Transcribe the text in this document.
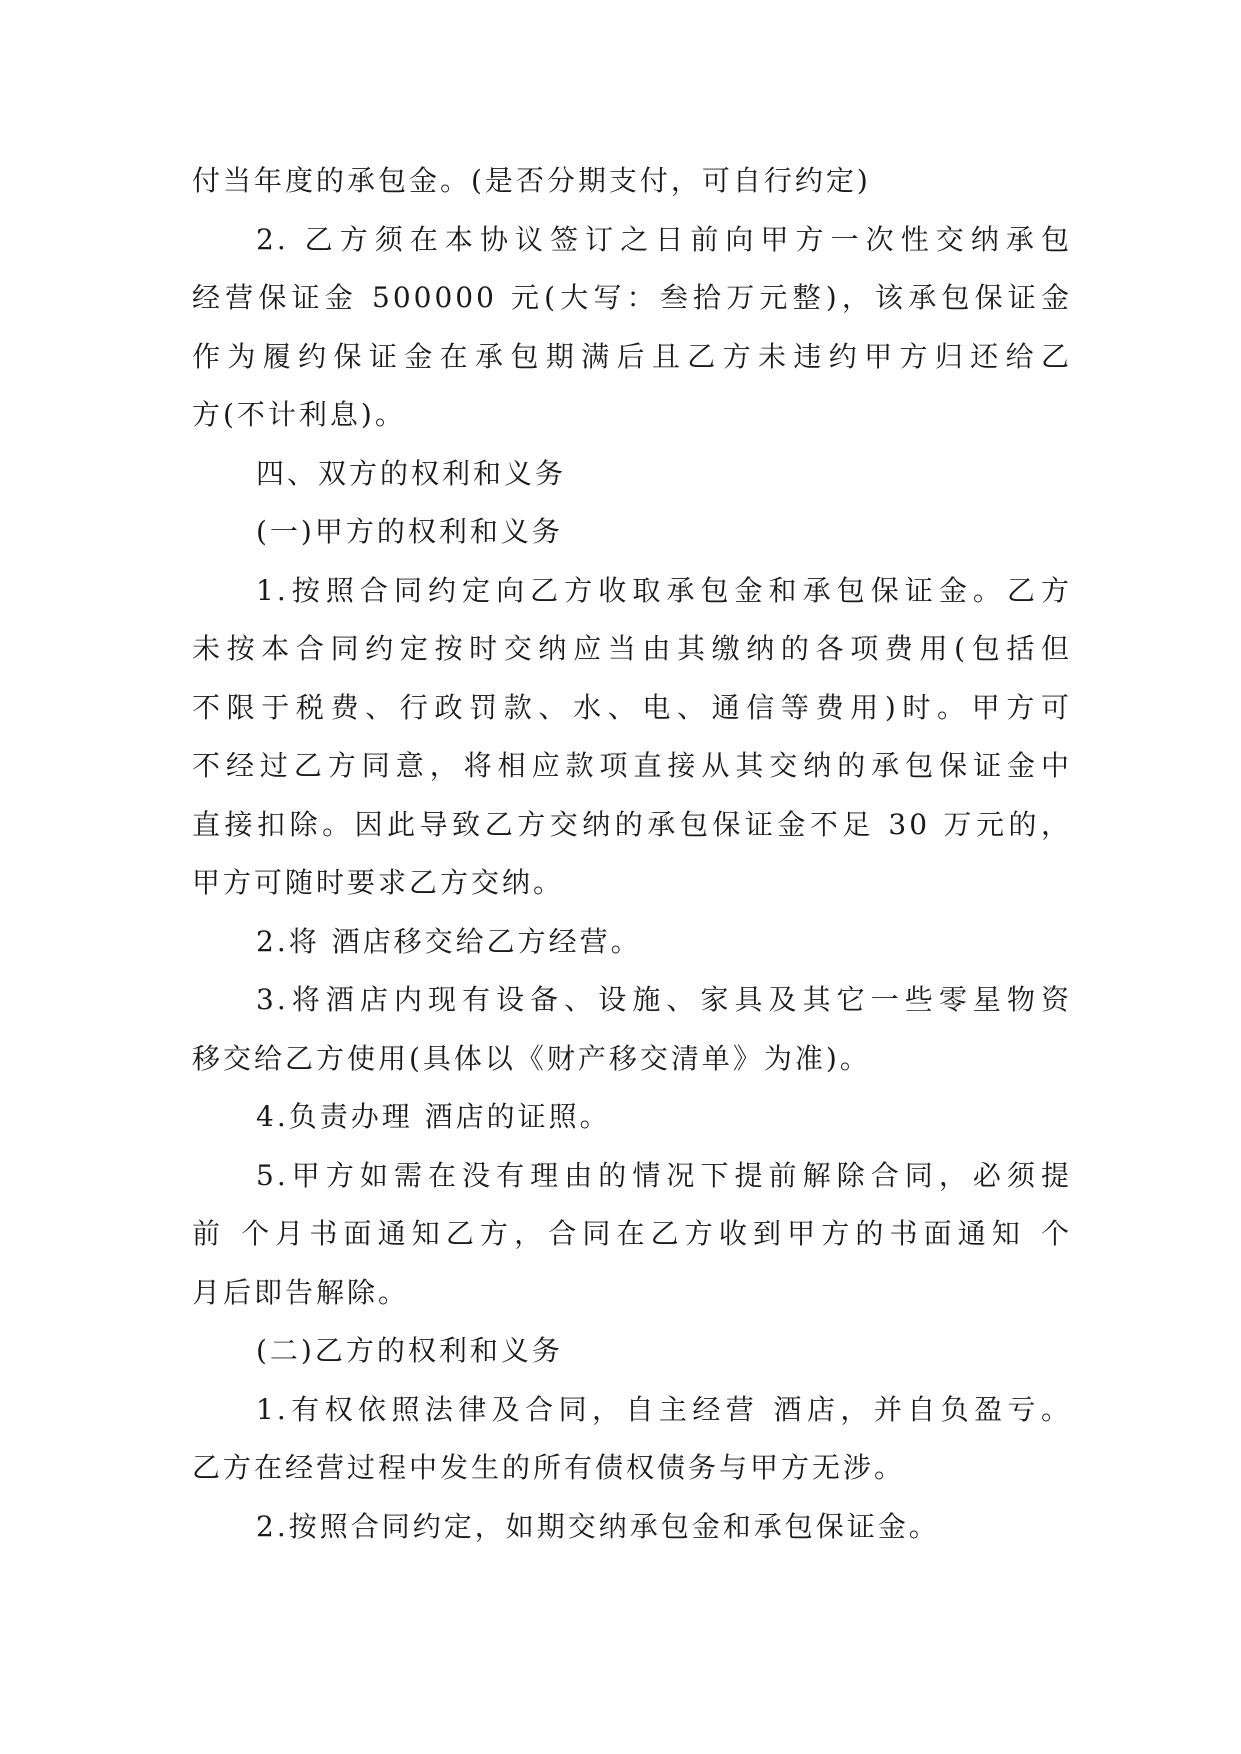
付当年度的承包金。(是否分期支付，可自行约定)
2. 乙方须在本协议签订之日前向甲方一次性交纳承包
经营保证金 500000 元(大写：叁拾万元整)，该承包保证金
作为履约保证金在承包期满后且乙方未违约甲方归还给乙
方(不计利息)。
四、双方的权利和义务
(一)甲方的权利和义务
1.按照合同约定向乙方收取承包金和承包保证金。乙方
未按本合同约定按时交纳应当由其缴纳的各项费用(包括但
不限于税费、行政罚款、水、电、通信等费用)时。甲方可
不经过乙方同意，将相应款项直接从其交纳的承包保证金中
直接扣除。因此导致乙方交纳的承包保证金不足 30 万元的，
甲方可随时要求乙方交纳。
2.将 酒店移交给乙方经营。
3.将酒店内现有设备、设施、家具及其它一些零星物资
移交给乙方使用(具体以《财产移交清单》为准)。
4.负责办理 酒店的证照。
5.甲方如需在没有理由的情况下提前解除合同，必须提
前 个月书面通知乙方，合同在乙方收到甲方的书面通知 个
月后即告解除。
(二)乙方的权利和义务
1.有权依照法律及合同，自主经营 酒店，并自负盈亏。
乙方在经营过程中发生的所有债权债务与甲方无涉。
2.按照合同约定，如期交纳承包金和承包保证金。
